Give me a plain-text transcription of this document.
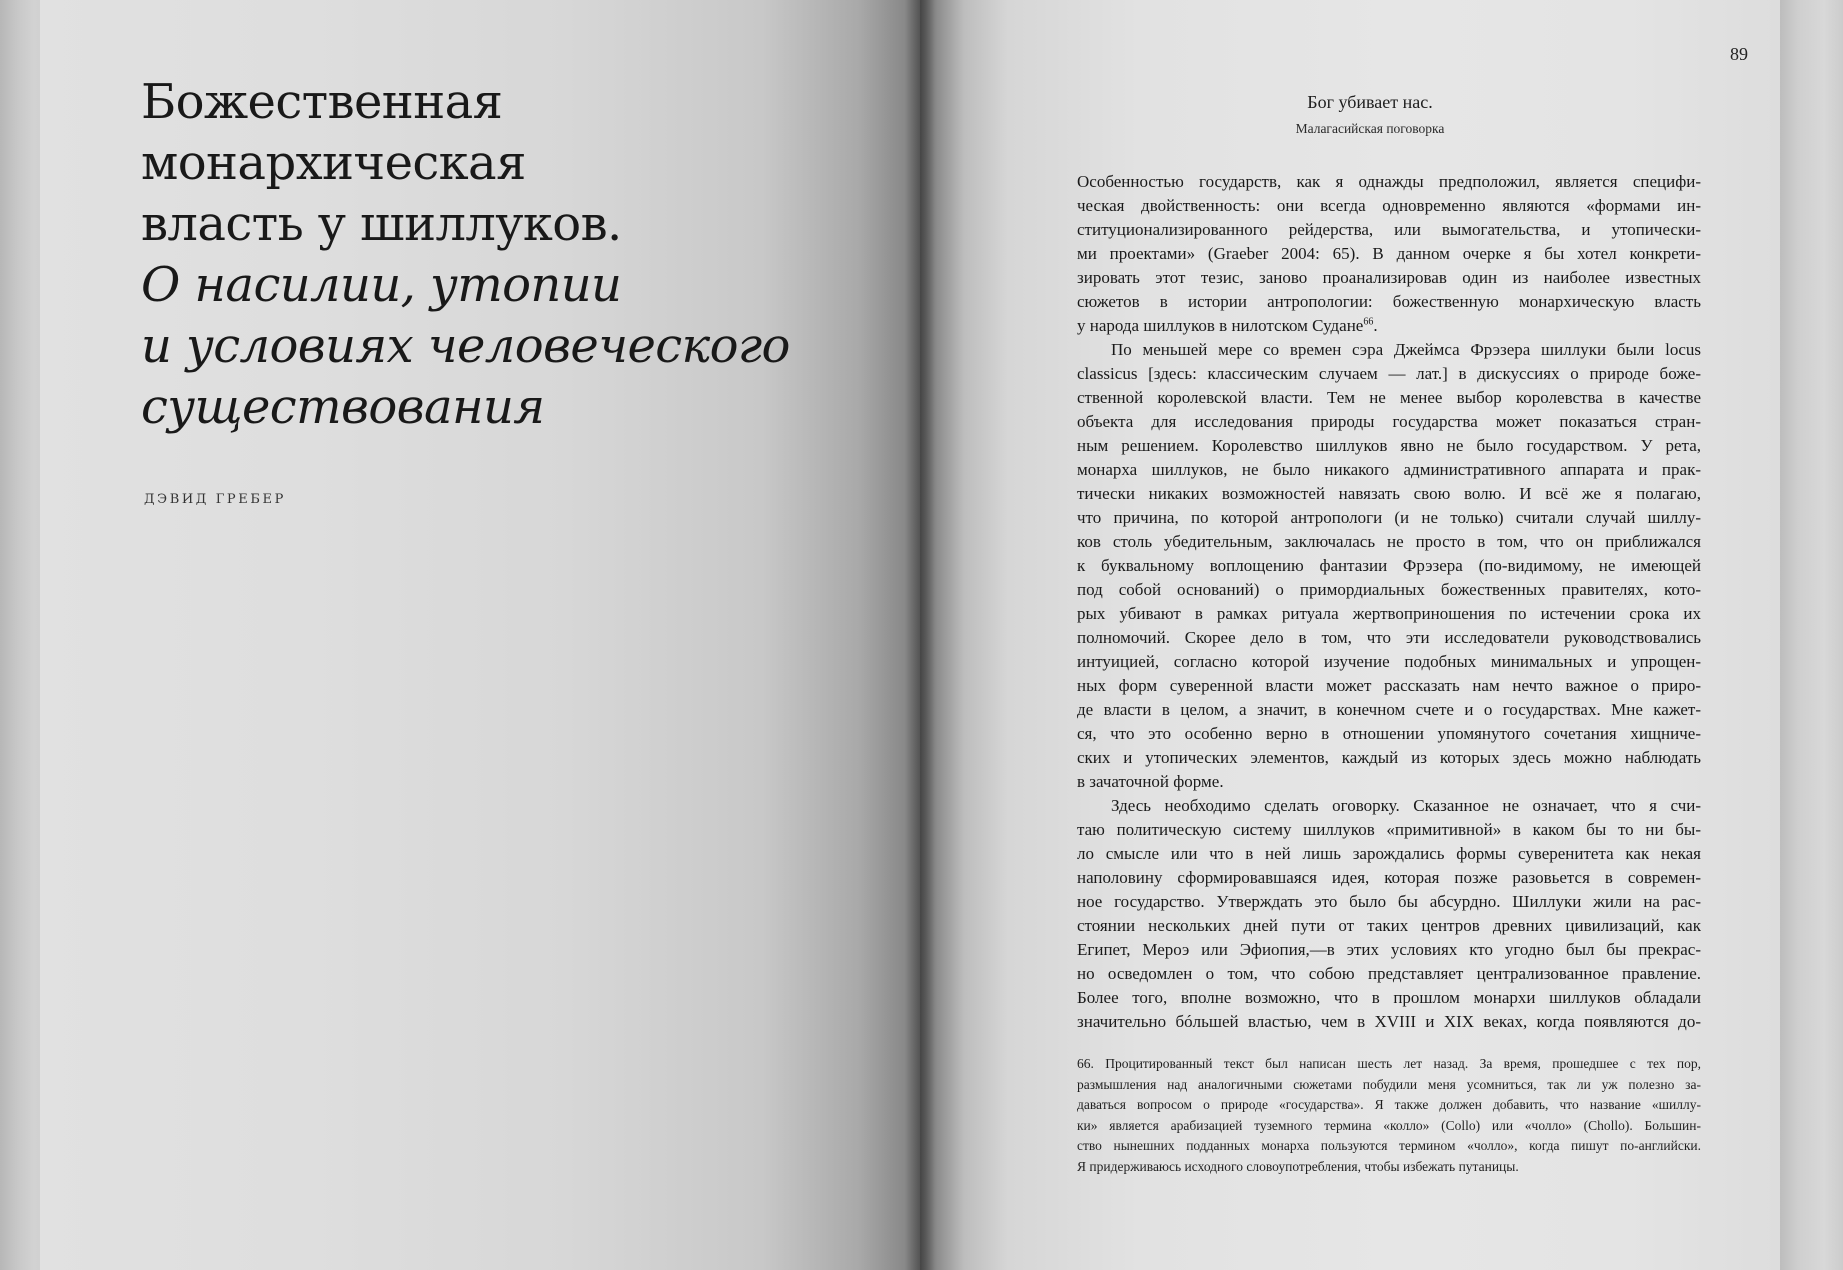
Божественная
монархическая
власть у шиллуков.
О насилии, утопии
и условиях человеческого
существования
ДЭВИД ГРЕБЕР
89
Бог убивает нас.
Малагасийская поговорка
Особенностью государств, как я однажды предположил, является специфи-
ческая двойственность: они всегда одновременно являются «формами ин-
ституционализированного рейдерства, или вымогательства, и утопически-
ми проектами» (Graeber 2004: 65). В данном очерке я бы хотел конкрети-
зировать этот тезис, заново проанализировав один из наиболее известных
сюжетов в истории антропологии: божественную монархическую власть
у народа шиллуков в нилотском Судане$^{66}$.
По меньшей мере со времен сэра Джеймса Фрэзера шиллуки были locus
classicus [здесь: классическим случаем — лат.] в дискуссиях о природе боже-
ственной королевской власти. Тем не менее выбор королевства в качестве
объекта для исследования природы государства может показаться стран-
ным решением. Королевство шиллуков явно не было государством. У рета,
монарха шиллуков, не было никакого административного аппарата и прак-
тически никаких возможностей навязать свою волю. И всё же я полагаю,
что причина, по которой антропологи (и не только) считали случай шиллу-
ков столь убедительным, заключалась не просто в том, что он приближался
к буквальному воплощению фантазии Фрэзера (по-видимому, не имеющей
под собой оснований) о примордиальных божественных правителях, кото-
рых убивают в рамках ритуала жертвоприношения по истечении срока их
полномочий. Скорее дело в том, что эти исследователи руководствовались
интуицией, согласно которой изучение подобных минимальных и упрощен-
ных форм суверенной власти может рассказать нам нечто важное о приро-
де власти в целом, а значит, в конечном счете и о государствах. Мне кажет-
ся, что это особенно верно в отношении упомянутого сочетания хищниче-
ских и утопических элементов, каждый из которых здесь можно наблюдать
в зачаточной форме.
Здесь необходимо сделать оговорку. Сказанное не означает, что я счи-
таю политическую систему шиллуков «примитивной» в каком бы то ни бы-
ло смысле или что в ней лишь зарождались формы суверенитета как некая
наполовину сформировавшаяся идея, которая позже разовьется в современ-
ное государство. Утверждать это было бы абсурдно. Шиллуки жили на рас-
стоянии нескольких дней пути от таких центров древних цивилизаций, как
Египет, Мероэ или Эфиопия,—в этих условиях кто угодно был бы прекрас-
но осведомлен о том, что собою представляет централизованное правление.
Более того, вполне возможно, что в прошлом монархи шиллуков обладали
значительно бóльшей властью, чем в XVIII и XIX веках, когда появляются до-
66. Процитированный текст был написан шесть лет назад. За время, прошедшее с тех пор,
размышления над аналогичными сюжетами побудили меня усомниться, так ли уж полезно за-
даваться вопросом о природе «государства». Я также должен добавить, что название «шиллу-
ки» является арабизацией туземного термина «колло» (Collo) или «чолло» (Chollo). Большин-
ство нынешних подданных монарха пользуются термином «чолло», когда пишут по-английски.
Я придерживаюсь исходного словоупотребления, чтобы избежать путаницы.
